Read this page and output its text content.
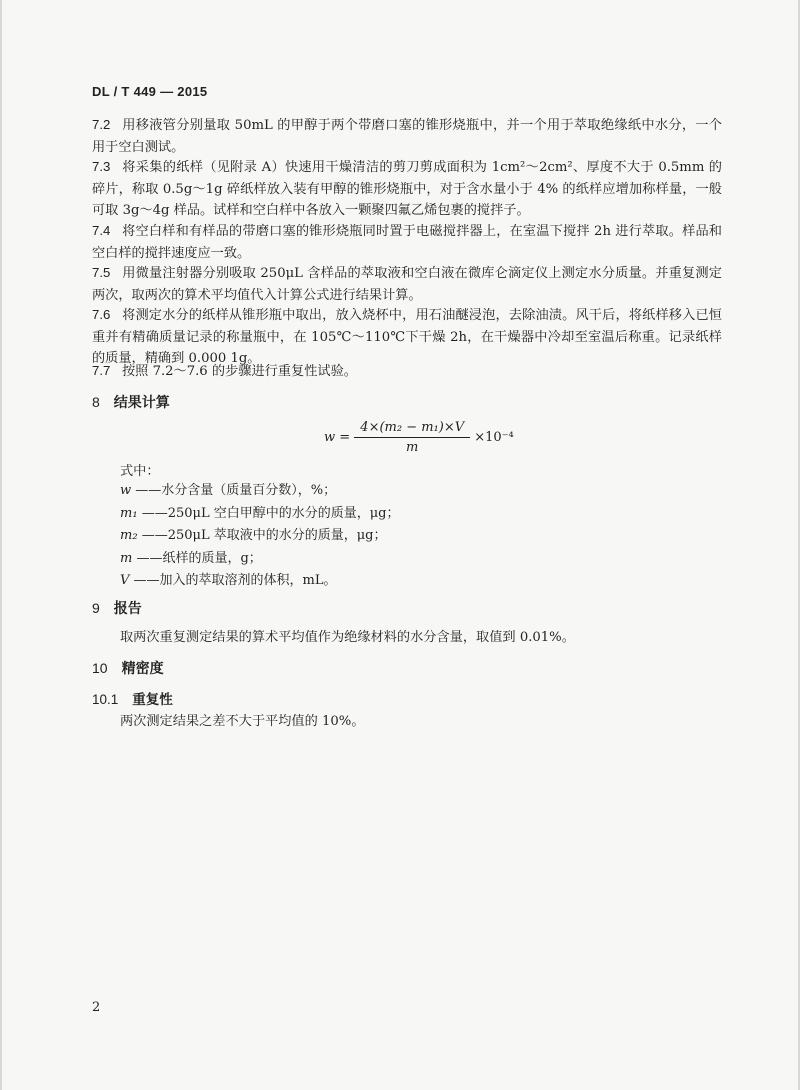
DL / T 449 — 2015
7.2 用移液管分别量取 50mL 的甲醇于两个带磨口塞的锥形烧瓶中，并一个用于萃取绝缘纸中水分，一个用于空白测试。
7.3 将采集的纸样（见附录 A）快速用干燥清洁的剪刀剪成面积为 1cm²～2cm²、厚度不大于 0.5mm 的碎片，称取 0.5g～1g 碎纸样放入装有甲醇的锥形烧瓶中，对于含水量小于 4% 的纸样应增加称样量，一般可取 3g～4g 样品。试样和空白样中各放入一颗聚四氟乙烯包裹的搅拌子。
7.4 将空白样和有样品的带磨口塞的锥形烧瓶同时置于电磁搅拌器上，在室温下搅拌 2h 进行萃取。样品和空白样的搅拌速度应一致。
7.5 用微量注射器分别吸取 250μL 含样品的萃取液和空白液在微库仑滴定仪上测定水分质量。并重复测定两次，取两次的算术平均值代入计算公式进行结果计算。
7.6 将测定水分的纸样从锥形瓶中取出，放入烧杯中，用石油醚浸泡，去除油渍。风干后，将纸样移入已恒重并有精确质量记录的称量瓶中，在 105℃～110℃下干燥 2h，在干燥器中冷却至室温后称重。记录纸样的质量，精确到 0.000 1g。
7.7 按照 7.2～7.6 的步骤进行重复性试验。
8 结果计算
$w = \frac{\text{4×(m₂ − m₁)×V}}{m} \times 10^{-4}$
式中：
w ——水分含量（质量百分数），%；
m₁ ——250μL 空白甲醇中的水分的质量，μg；
m₂ ——250μL 萃取液中的水分的质量，μg；
m ——纸样的质量，g；
V ——加入的萃取溶剂的体积，mL。
9 报告
取两次重复测定结果的算术平均值作为绝缘材料的水分含量，取值到 0.01%。
10 精密度
10.1 重复性
两次测定结果之差不大于平均值的 10%。
2
